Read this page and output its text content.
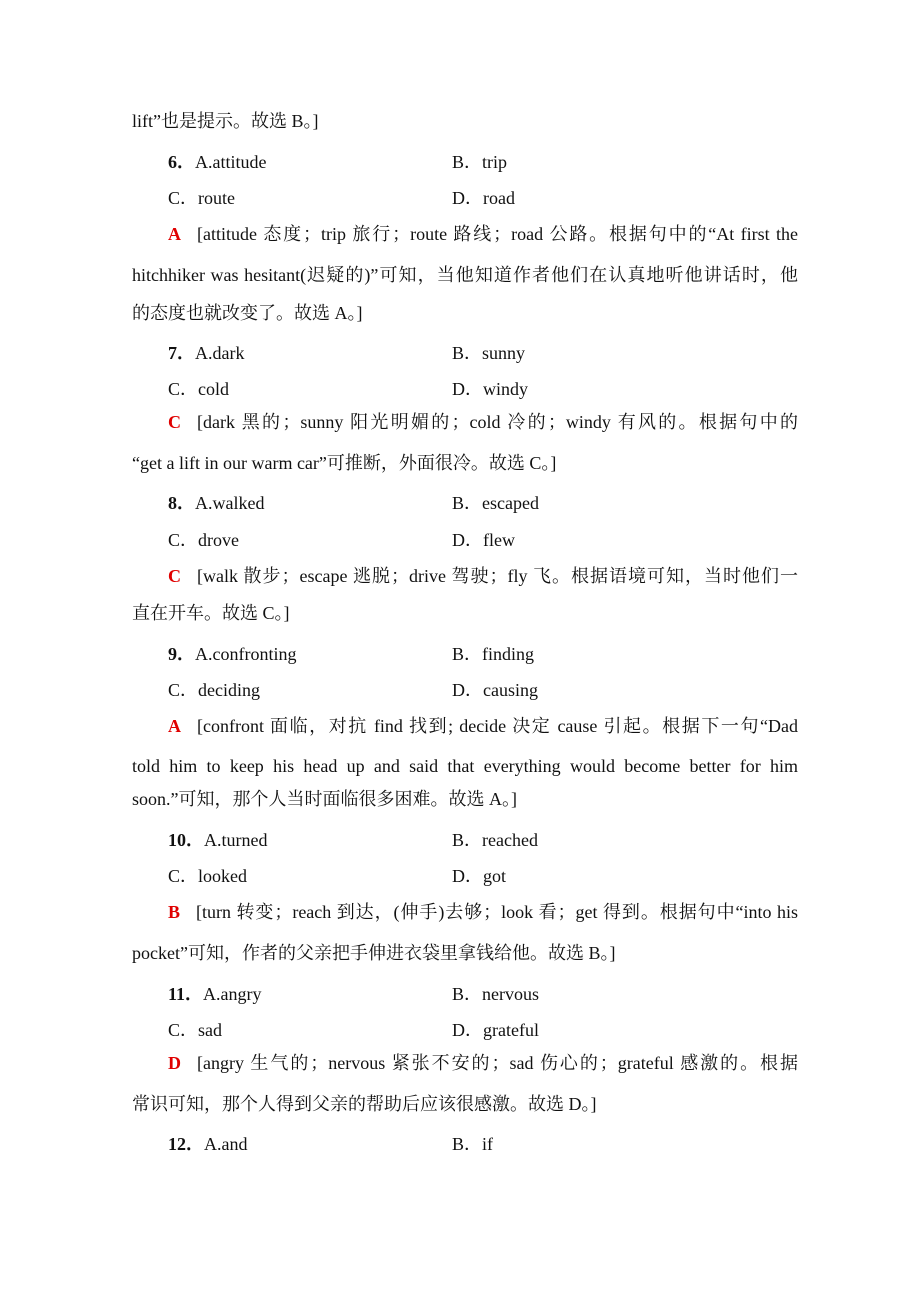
lift”也是提示。故选 B。]
6．A.attitude	B．trip
C．route	D．road
A [attitude 态度；trip 旅行；route 路线；road 公路。根据句中的“At first the
hitchhiker was hesitant(迟疑的)”可知，当他知道作者他们在认真地听他讲话时，他
的态度也就改变了。故选 A。]
7．A.dark	B．sunny
C．cold	D．windy
C [dark 黑的；sunny 阳光明媚的；cold 冷的；windy 有风的。根据句中的
“get a lift in our warm car”可推断，外面很冷。故选 C。]
8．A.walked	B．escaped
C．drove	D．flew
C [walk 散步；escape 逃脱；drive 驾驶；fly 飞。根据语境可知，当时他们一
直在开车。故选 C。]
9．A.confronting	B．finding
C．deciding	D．causing
A [confront 面临，对抗 find 找到; decide 决定 cause 引起。根据下一句“Dad
told him to keep his head up and said that everything would become better for him
soon.”可知，那个人当时面临很多困难。故选 A。]
10．A.turned	B．reached
C．looked	D．got
B [turn 转变；reach 到达，(伸手)去够；look 看；get 得到。根据句中“into his
pocket”可知，作者的父亲把手伸进衣袋里拿钱给他。故选 B。]
11．A.angry	B．nervous
C．sad	D．grateful
D [angry 生气的；nervous 紧张不安的；sad 伤心的；grateful 感激的。根据
常识可知，那个人得到父亲的帮助后应该很感激。故选 D。]
12．A.and	B．if
